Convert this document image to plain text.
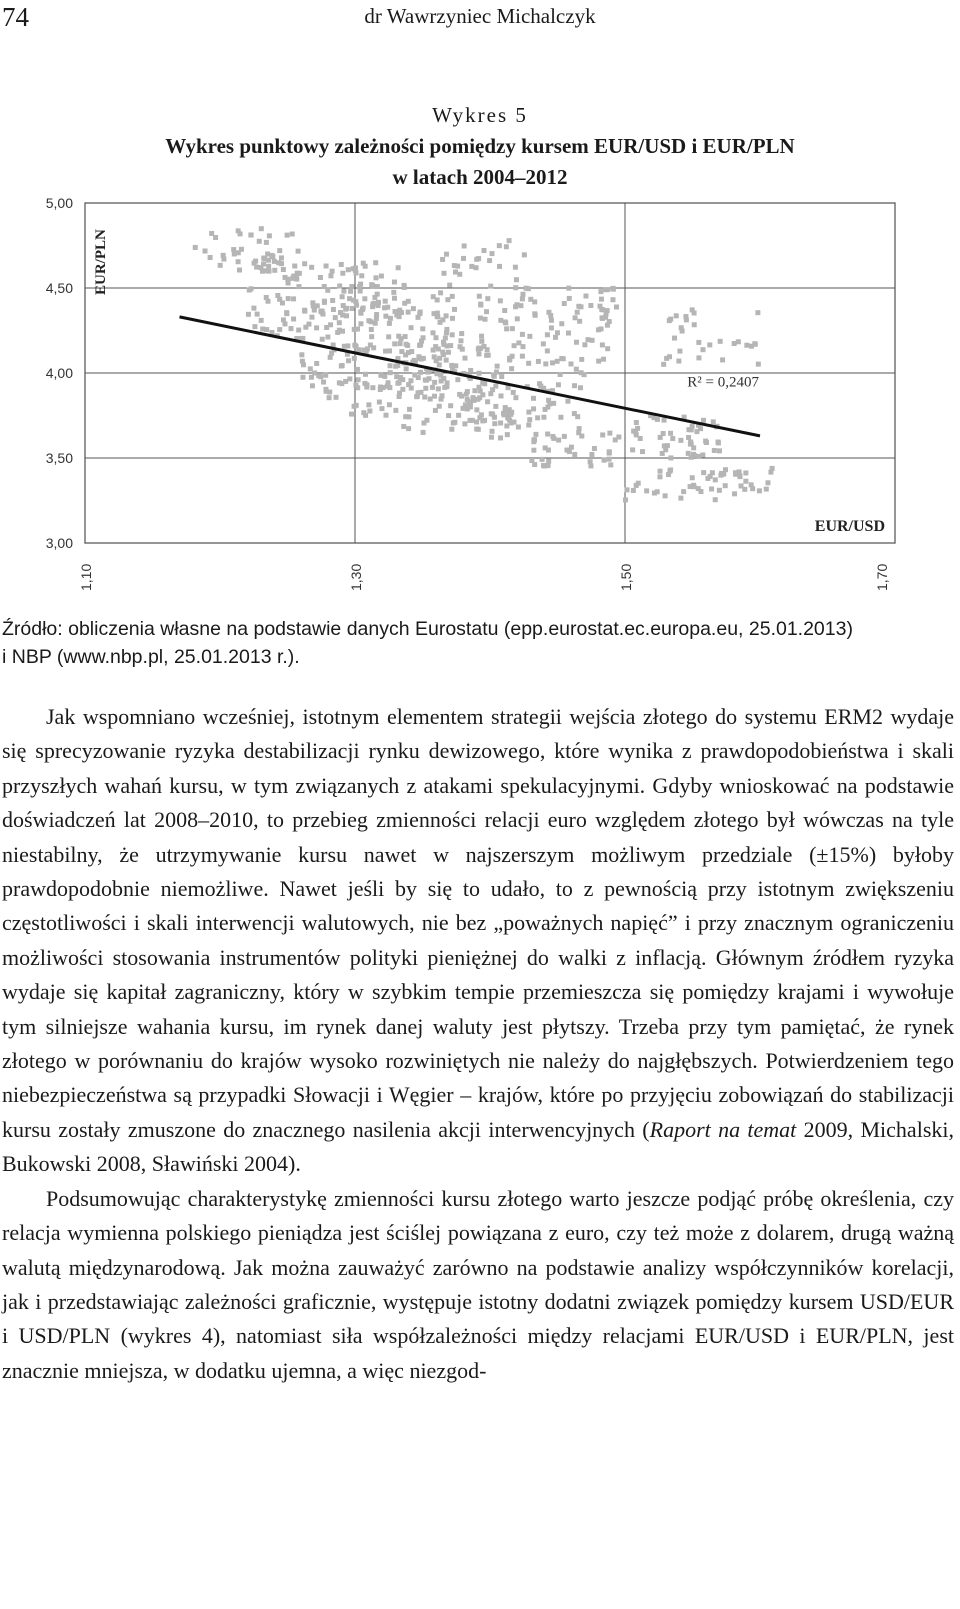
74	dr Wawrzyniec Michalczyk
Wykres 5
Wykres punktowy zależności pomiędzy kursem EUR/USD i EUR/PLN
w latach 2004–2012
5,00
4,50
4,00
3,50
3,00
1,10	1,30	1,50	1,70
EUR/PLN
EUR/USD
R² = 0,2407
Źródło: obliczenia własne na podstawie danych Eurostatu (epp.eurostat.ec.europa.eu, 25.01.2013)
i NBP (www.nbp.pl, 25.01.2013 r.).

Jak wspomniano wcześniej, istotnym elementem strategii wejścia złotego do systemu ERM2 wydaje się sprecyzowanie ryzyka destabilizacji rynku dewizowego, które wynika z prawdopodobieństwa i skali przyszłych wahań kursu, w tym związanych z atakami spekulacyjnymi. Gdyby wnioskować na podstawie doświadczeń lat 2008–2010, to przebieg zmienności relacji euro względem złotego był wówczas na tyle niestabilny, że utrzymywanie kursu nawet w najszerszym możliwym przedziale (±15%) byłoby prawdopodobnie niemożliwe. Nawet jeśli by się to udało, to z pewnością przy istotnym zwiększeniu częstotliwości i skali interwencji walutowych, nie bez „poważnych napięć” i przy znacznym ograniczeniu możliwości stosowania instrumentów polityki pieniężnej do walki z inflacją. Głównym źródłem ryzyka wydaje się kapitał zagraniczny, który w szybkim tempie przemieszcza się pomiędzy krajami i wywołuje tym silniejsze wahania kursu, im rynek danej waluty jest płytszy. Trzeba przy tym pamiętać, że rynek złotego w porównaniu do krajów wysoko rozwiniętych nie należy do najgłębszych. Potwierdzeniem tego niebezpieczeństwa są przypadki Słowacji i Węgier – krajów, które po przyjęciu zobowiązań do stabilizacji kursu zostały zmuszone do znacznego nasilenia akcji interwencyjnych (Raport na temat 2009, Michalski, Bukowski 2008, Sławiński 2004).

Podsumowując charakterystykę zmienności kursu złotego warto jeszcze podjąć próbę określenia, czy relacja wymienna polskiego pieniądza jest ściślej powiązana z euro, czy też może z dolarem, drugą ważną walutą międzynarodową. Jak można zauważyć zarówno na podstawie analizy współczynników korelacji, jak i przedstawiając zależności graficznie, występuje istotny dodatni związek pomiędzy kursem USD/EUR i USD/PLN (wykres 4), natomiast siła współzależności między relacjami EUR/USD i EUR/PLN, jest znacznie mniejsza, w dodatku ujemna, a więc niezgod-
